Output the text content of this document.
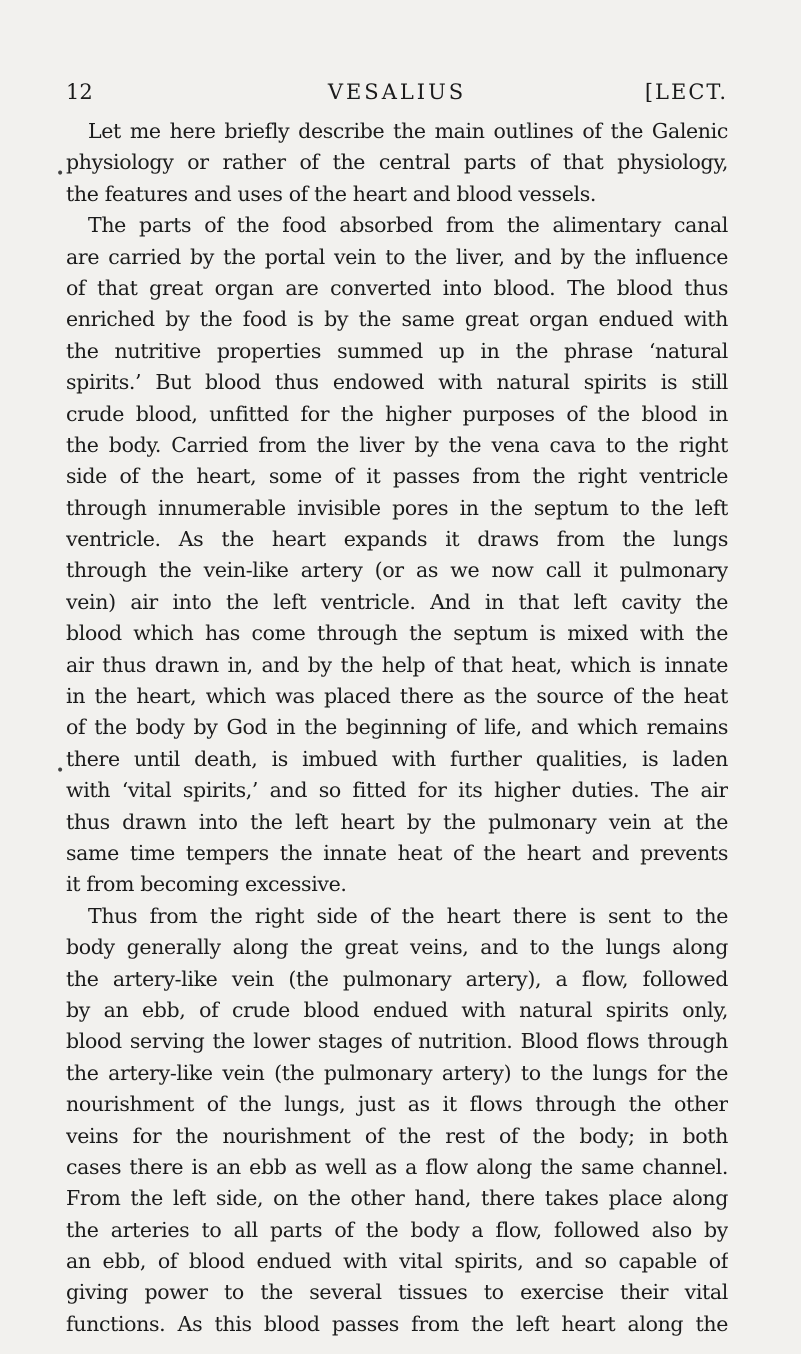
12	VESALIUS	[LECT.
•
•
Let me here briefly describe the main outlines of the Galenic
physiology or rather of the central parts of that physiology,
the features and uses of the heart and blood vessels.
The parts of the food absorbed from the alimentary canal
are carried by the portal vein to the liver, and by the influence
of that great organ are converted into blood. The blood thus
enriched by the food is by the same great organ endued with
the nutritive properties summed up in the phrase ‘natural
spirits.’ But blood thus endowed with natural spirits is still
crude blood, unfitted for the higher purposes of the blood in
the body. Carried from the liver by the vena cava to the right
side of the heart, some of it passes from the right ventricle
through innumerable invisible pores in the septum to the left
ventricle. As the heart expands it draws from the lungs
through the vein-like artery (or as we now call it pulmonary
vein) air into the left ventricle. And in that left cavity the
blood which has come through the septum is mixed with the
air thus drawn in, and by the help of that heat, which is innate
in the heart, which was placed there as the source of the heat
of the body by God in the beginning of life, and which remains
there until death, is imbued with further qualities, is laden
with ‘vital spirits,’ and so fitted for its higher duties. The air
thus drawn into the left heart by the pulmonary vein at the
same time tempers the innate heat of the heart and prevents
it from becoming excessive.
Thus from the right side of the heart there is sent to the
body generally along the great veins, and to the lungs along
the artery-like vein (the pulmonary artery), a flow, followed
by an ebb, of crude blood endued with natural spirits only,
blood serving the lower stages of nutrition. Blood flows through
the artery-like vein (the pulmonary artery) to the lungs for the
nourishment of the lungs, just as it flows through the other
veins for the nourishment of the rest of the body; in both
cases there is an ebb as well as a flow along the same channel.
From the left side, on the other hand, there takes place along
the arteries to all parts of the body a flow, followed also by
an ebb, of blood endued with vital spirits, and so capable of
giving power to the several tissues to exercise their vital
functions. As this blood passes from the left heart along the
